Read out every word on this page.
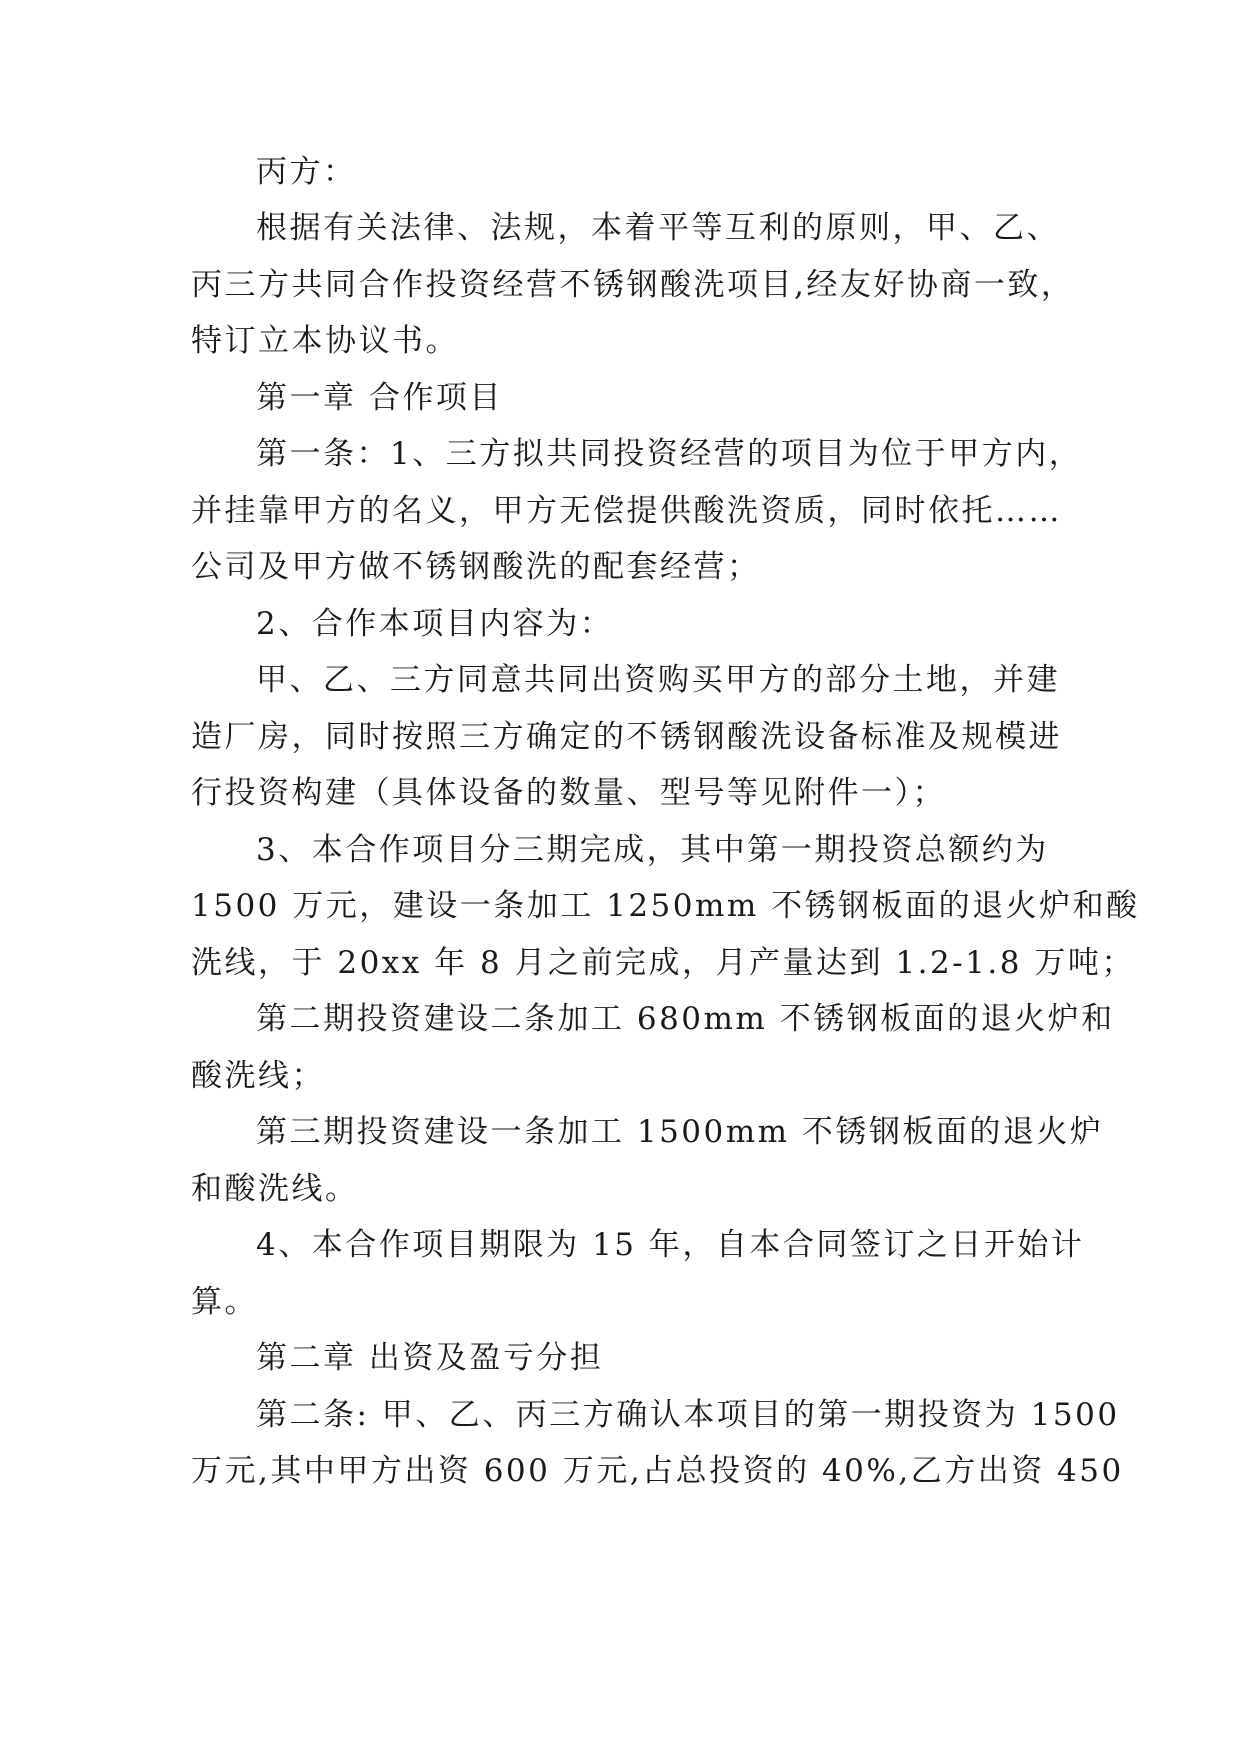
丙方：
根据有关法律、法规，本着平等互利的原则，甲、乙、
丙三方共同合作投资经营不锈钢酸洗项目,经友好协商一致，
特订立本协议书。
第一章 合作项目
第一条：1、三方拟共同投资经营的项目为位于甲方内，
并挂靠甲方的名义，甲方无偿提供酸洗资质，同时依托……
公司及甲方做不锈钢酸洗的配套经营；
2、合作本项目内容为：
甲、乙、三方同意共同出资购买甲方的部分土地，并建
造厂房，同时按照三方确定的不锈钢酸洗设备标准及规模进
行投资构建（具体设备的数量、型号等见附件一）；
3、本合作项目分三期完成，其中第一期投资总额约为
1500 万元，建设一条加工 1250mm 不锈钢板面的退火炉和酸
洗线，于 20xx 年 8 月之前完成，月产量达到 1.2-1.8 万吨；
第二期投资建设二条加工 680mm 不锈钢板面的退火炉和
酸洗线；
第三期投资建设一条加工 1500mm 不锈钢板面的退火炉
和酸洗线。
4、本合作项目期限为 15 年，自本合同签订之日开始计
算。
第二章 出资及盈亏分担
第二条: 甲、乙、丙三方确认本项目的第一期投资为 1500
万元,其中甲方出资 600 万元,占总投资的 40%,乙方出资 450
